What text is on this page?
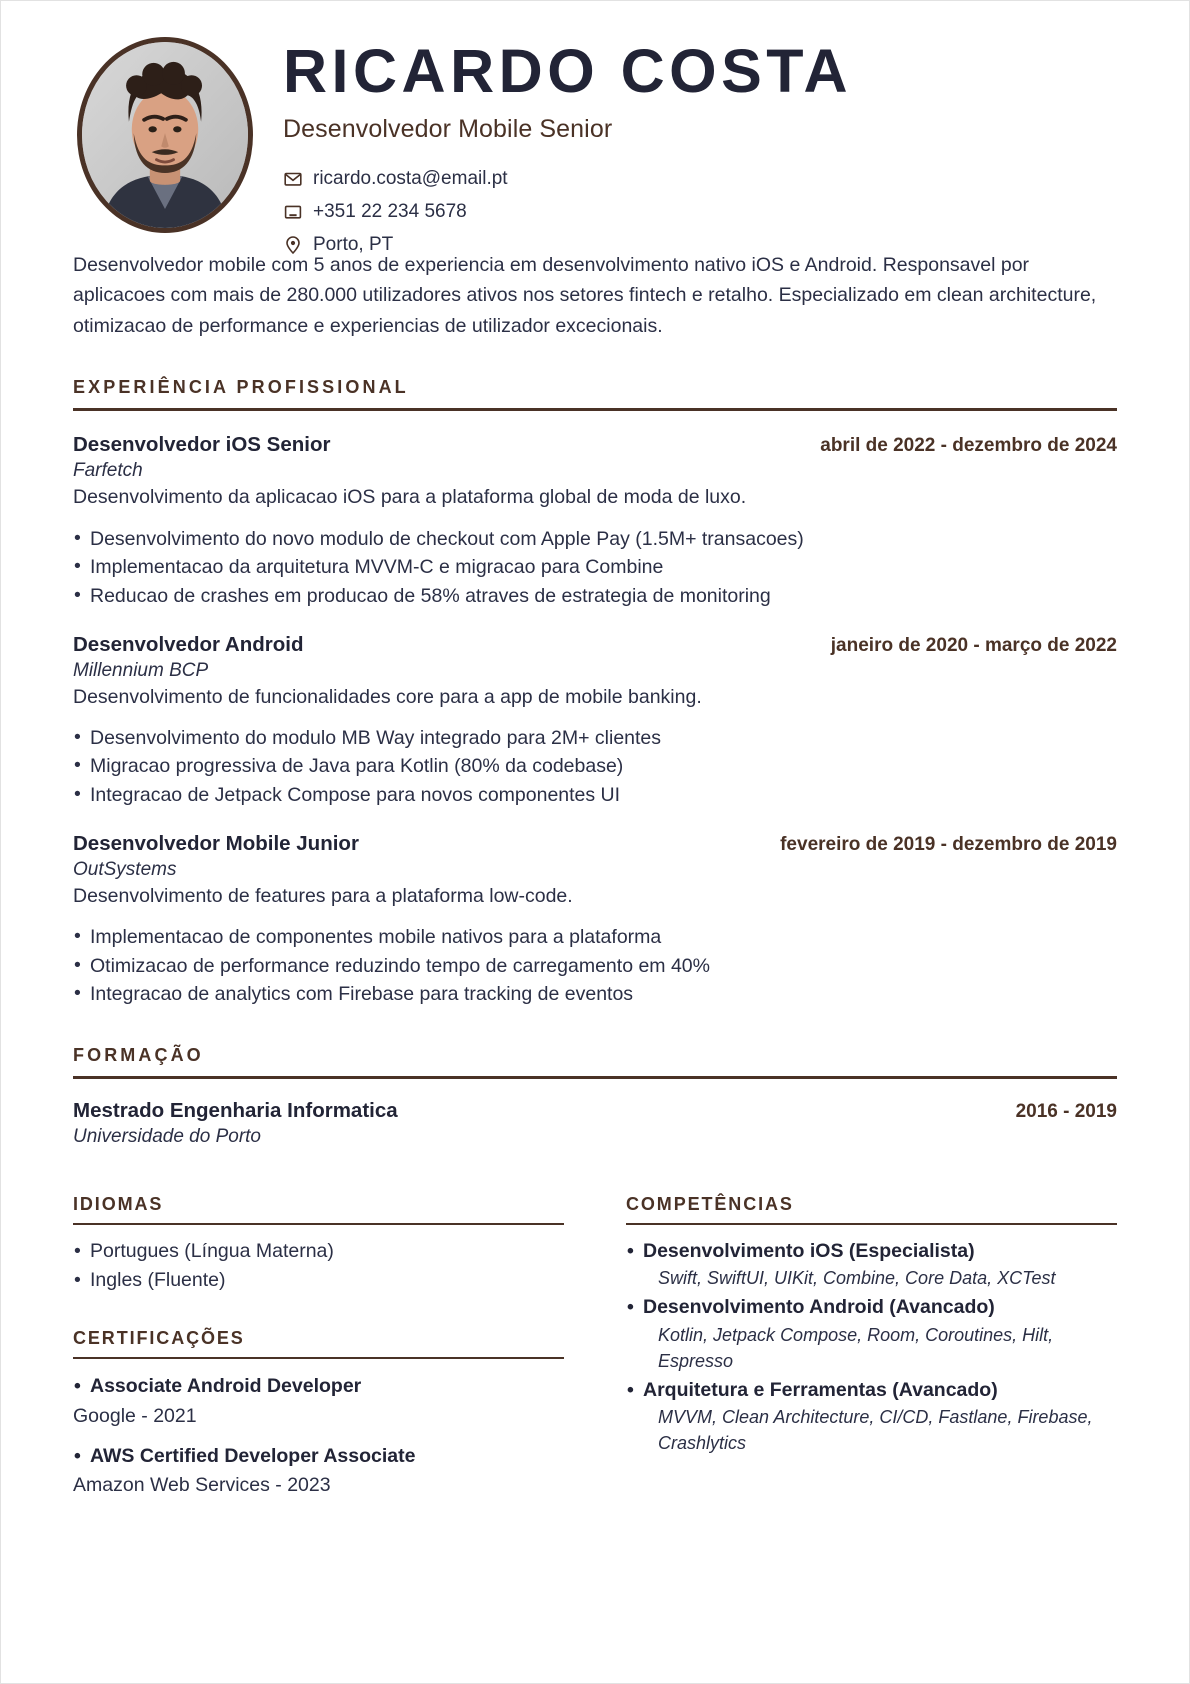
RICARDO COSTA
Desenvolvedor Mobile Senior
ricardo.costa@email.pt
+351 22 234 5678
Porto, PT

Desenvolvedor mobile com 5 anos de experiencia em desenvolvimento nativo iOS e Android. Responsavel por aplicacoes com mais de 280.000 utilizadores ativos nos setores fintech e retalho. Especializado em clean architecture, otimizacao de performance e experiencias de utilizador excecionais.

EXPERIÊNCIA PROFISSIONAL
Desenvolvedor iOS Senior	abril de 2022 - dezembro de 2024
Farfetch
Desenvolvimento da aplicacao iOS para a plataforma global de moda de luxo.
• Desenvolvimento do novo modulo de checkout com Apple Pay (1.5M+ transacoes)
• Implementacao da arquitetura MVVM-C e migracao para Combine
• Reducao de crashes em producao de 58% atraves de estrategia de monitoring
Desenvolvedor Android	janeiro de 2020 - março de 2022
Millennium BCP
Desenvolvimento de funcionalidades core para a app de mobile banking.
• Desenvolvimento do modulo MB Way integrado para 2M+ clientes
• Migracao progressiva de Java para Kotlin (80% da codebase)
• Integracao de Jetpack Compose para novos componentes UI
Desenvolvedor Mobile Junior	fevereiro de 2019 - dezembro de 2019
OutSystems
Desenvolvimento de features para a plataforma low-code.
• Implementacao de componentes mobile nativos para a plataforma
• Otimizacao de performance reduzindo tempo de carregamento em 40%
• Integracao de analytics com Firebase para tracking de eventos
FORMAÇÃO
Mestrado Engenharia Informatica	2016 - 2019
Universidade do Porto
IDIOMAS
• Portugues (Língua Materna)
• Ingles (Fluente)
CERTIFICAÇÕES
• Associate Android Developer
Google - 2021
• AWS Certified Developer Associate
Amazon Web Services - 2023
COMPETÊNCIAS
• Desenvolvimento iOS (Especialista)
Swift, SwiftUI, UIKit, Combine, Core Data, XCTest
• Desenvolvimento Android (Avancado)
Kotlin, Jetpack Compose, Room, Coroutines, Hilt, Espresso
• Arquitetura e Ferramentas (Avancado)
MVVM, Clean Architecture, CI/CD, Fastlane, Firebase, Crashlytics
